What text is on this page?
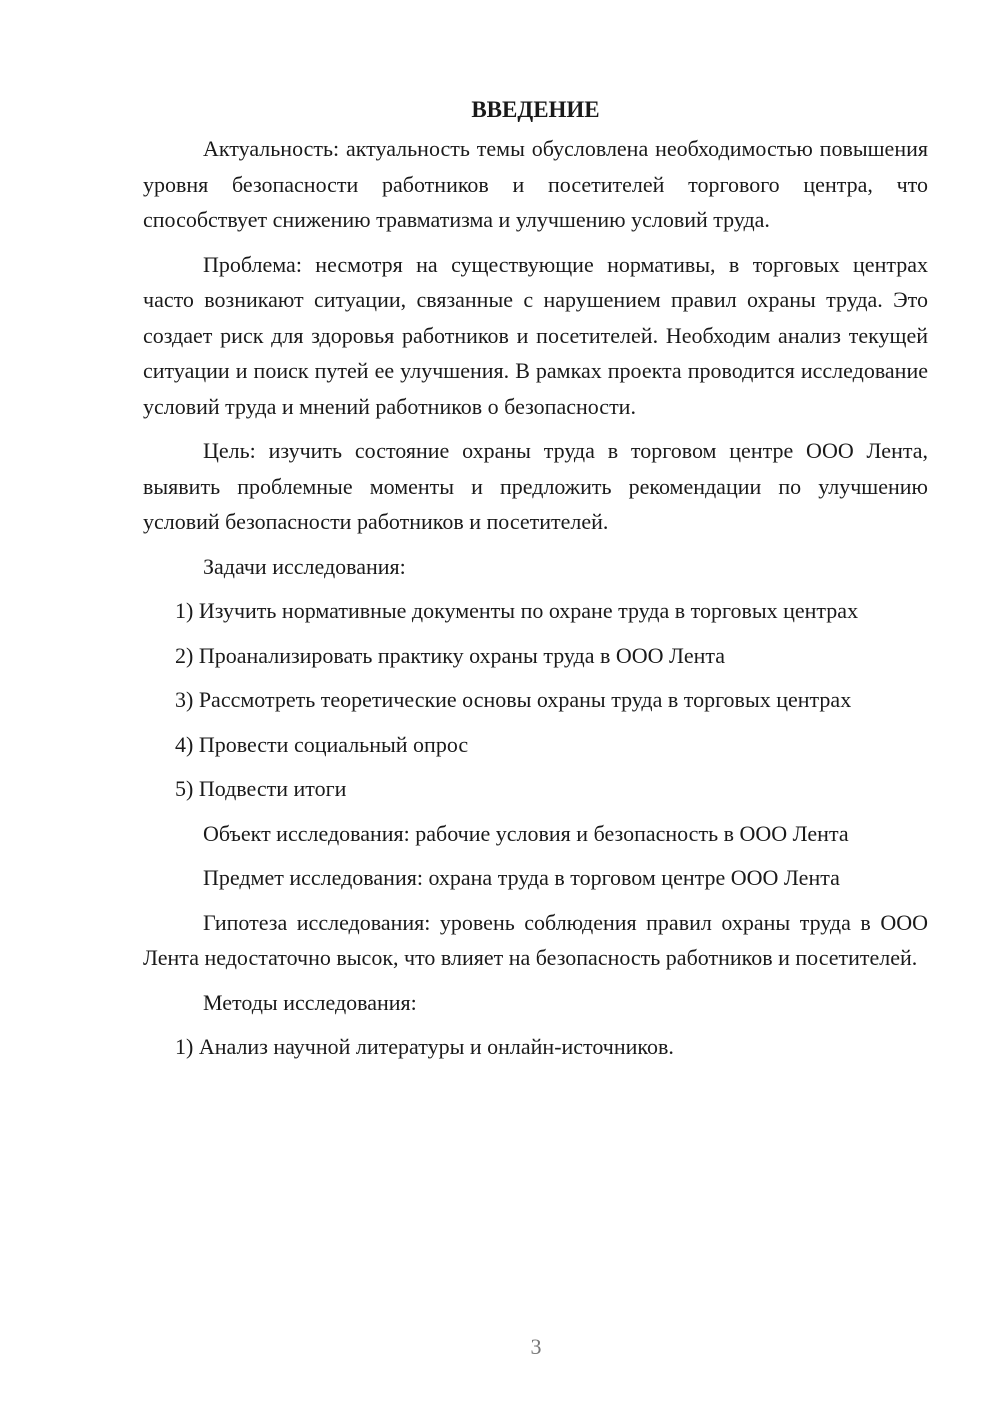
ВВЕДЕНИЕ

Актуальность: актуальность темы обусловлена необходимостью повышения уровня безопасности работников и посетителей торгового центра, что способствует снижению травматизма и улучшению условий труда.

Проблема: несмотря на существующие нормативы, в торговых центрах часто возникают ситуации, связанные с нарушением правил охраны труда. Это создает риск для здоровья работников и посетителей. Необходим анализ текущей ситуации и поиск путей ее улучшения. В рамках проекта проводится исследование условий труда и мнений работников о безопасности.

Цель: изучить состояние охраны труда в торговом центре ООО Лента, выявить проблемные моменты и предложить рекомендации по улучшению условий безопасности работников и посетителей.

Задачи исследования:

1) Изучить нормативные документы по охране труда в торговых центрах

2) Проанализировать практику охраны труда в ООО Лента

3) Рассмотреть теоретические основы охраны труда в торговых центрах

4) Провести социальный опрос

5) Подвести итоги

Объект исследования: рабочие условия и безопасность в ООО Лента

Предмет исследования: охрана труда в торговом центре ООО Лента

Гипотеза исследования: уровень соблюдения правил охраны труда в ООО Лента недостаточно высок, что влияет на безопасность работников и посетителей.

Методы исследования:

1) Анализ научной литературы и онлайн-источников.

3
